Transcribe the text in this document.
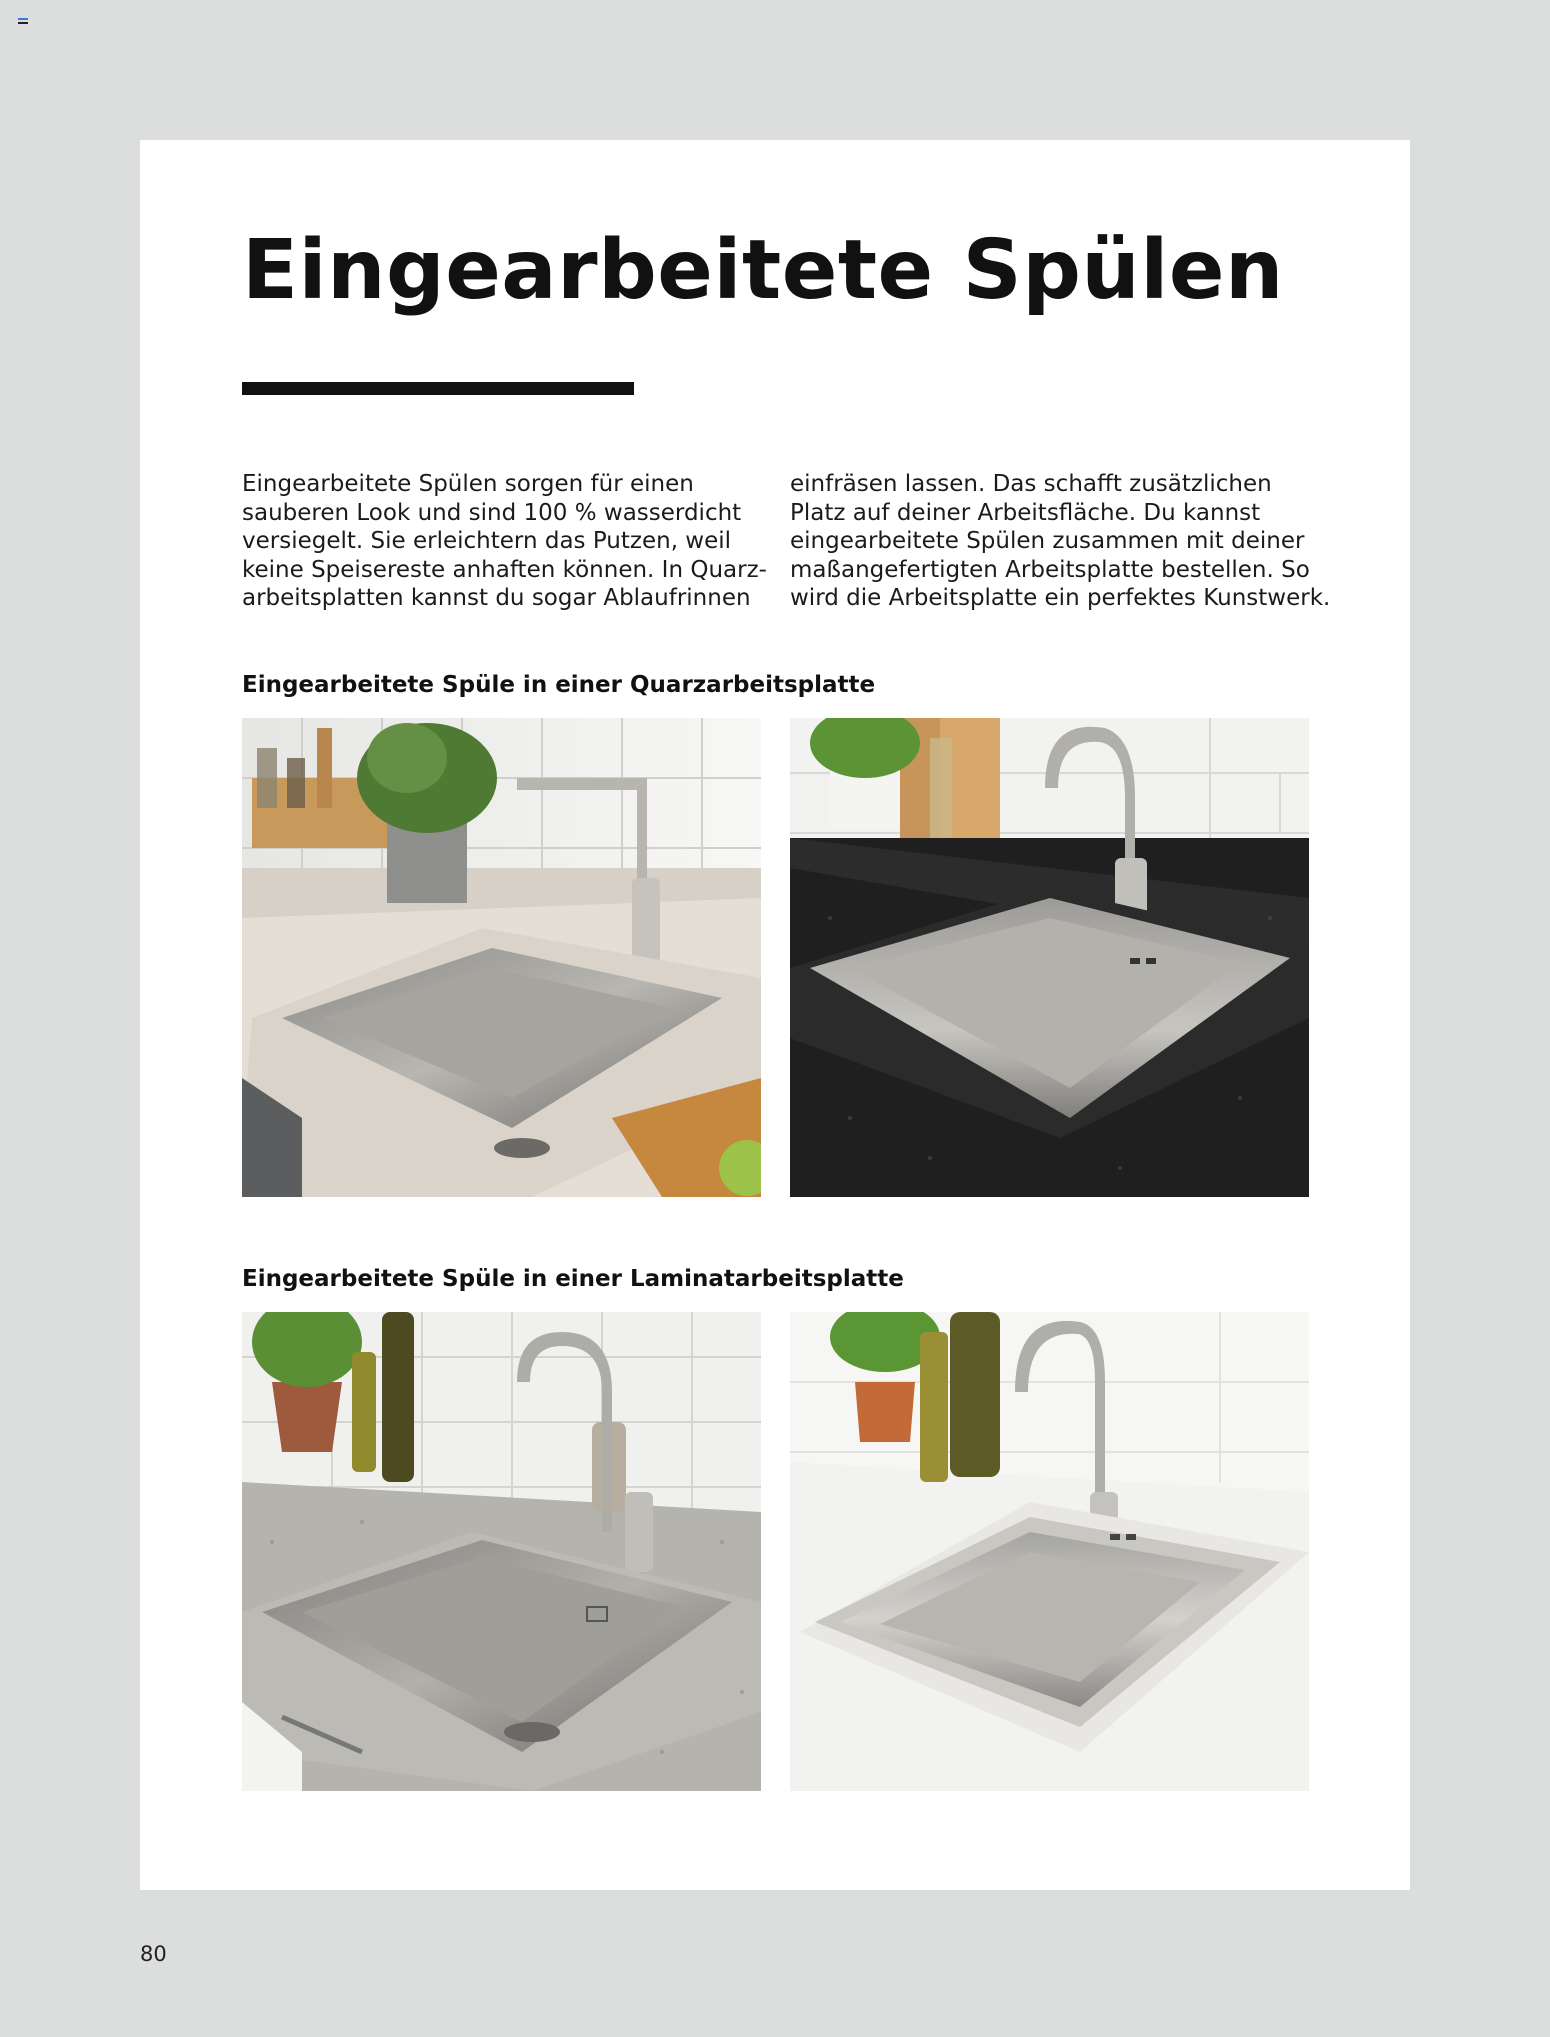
Eingearbeitete Spülen

Eingearbeitete Spülen sorgen für einen

sauberen Look und sind 100 % wasserdicht

versiegelt. Sie erleichtern das Putzen, weil

keine Speisereste anhaften können. In Quarz-

arbeitsplatten kannst du sogar Ablaufrinnen

einfräsen lassen. Das schafft zusätzlichen

Platz auf deiner Arbeitsfläche. Du kannst

eingearbeitete Spülen zusammen mit deiner

maßangefertigten Arbeitsplatte bestellen. So

wird die Arbeitsplatte ein perfektes Kunstwerk.

Eingearbeitete Spüle in einer Quarzarbeitsplatte
Eingearbeitete Spüle in einer Laminatarbeitsplatte
80
